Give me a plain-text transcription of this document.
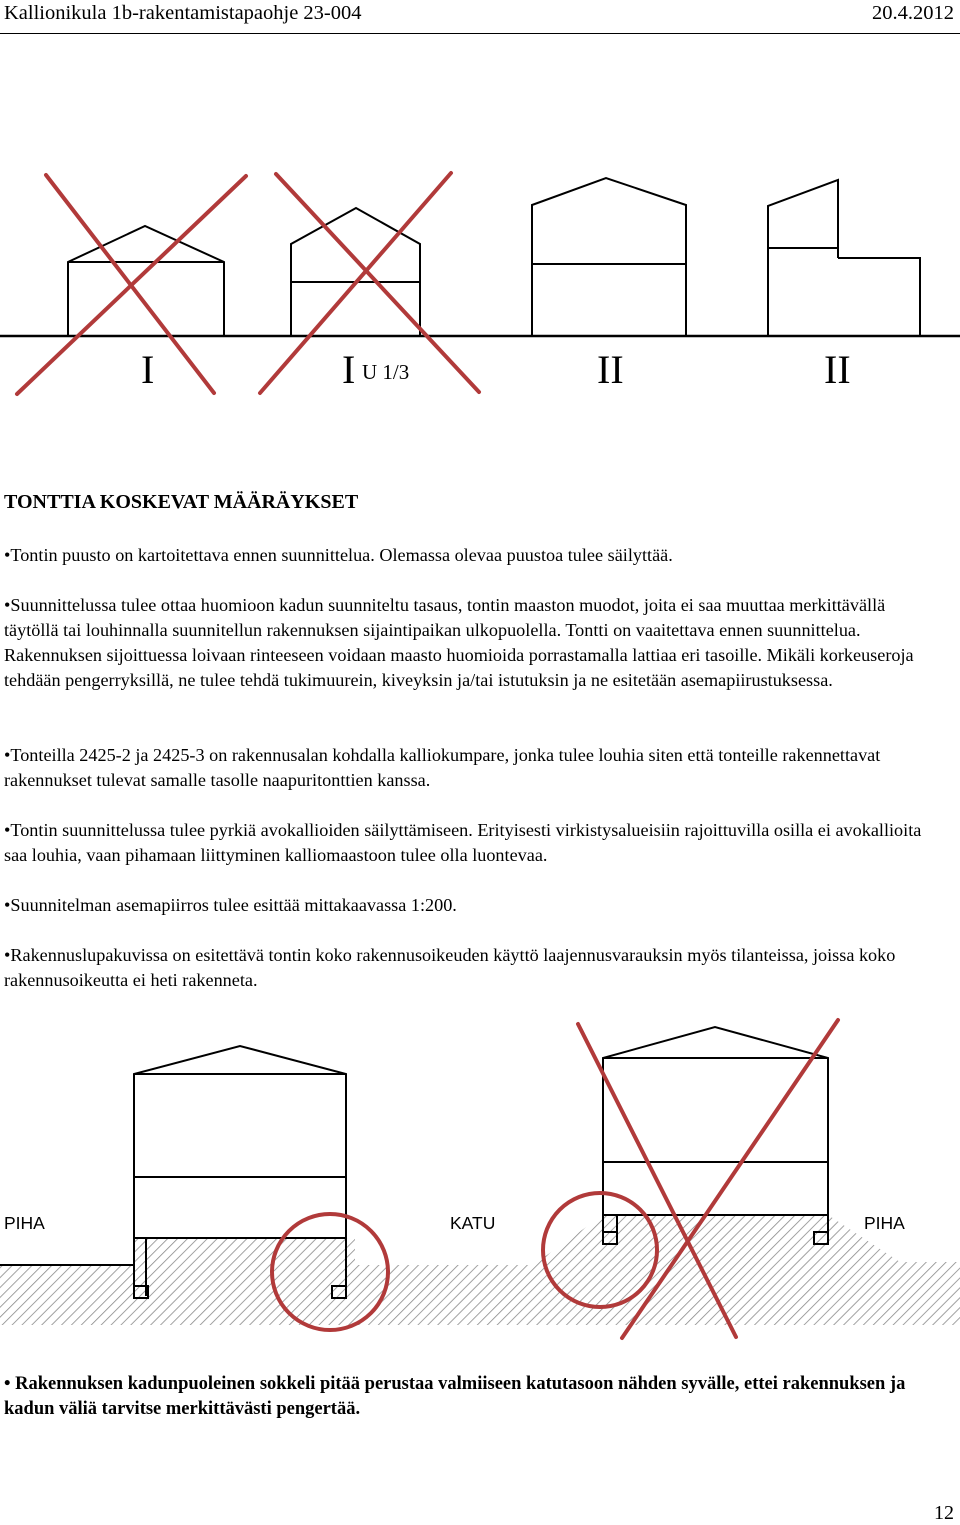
Kallionikula 1b-rakentamistapaohje 23-004	20.4.2012
I	I U 1/3	II	II
TONTTIA KOSKEVAT MÄÄRÄYKSET

•Tontin puusto on kartoitettava ennen suunnittelua. Olemassa olevaa puustoa tulee säilyttää.

•Suunnittelussa tulee ottaa huomioon kadun suunniteltu tasaus, tontin maaston muodot, joita ei saa muuttaa merkittävällä täytöllä tai louhinnalla suunnitellun rakennuksen sijaintipaikan ulkopuolella. Tontti on vaaitettava ennen suunnittelua. Rakennuksen sijoittuessa loivaan rinteeseen voidaan maasto huomioida porrastamalla lattiaa eri tasoille. Mikäli korkeuseroja tehdään pengerryksillä, ne tulee tehdä tukimuurein, kiveyksin ja/tai istutuksin ja ne esitetään asemapiirustuksessa.

•Tonteilla 2425-2 ja 2425-3 on rakennusalan kohdalla kalliokumpare, jonka tulee louhia siten että tonteille rakennettavat rakennukset tulevat samalle tasolle naapuritonttien kanssa.

•Tontin suunnittelussa tulee pyrkiä avokallioiden säilyttämiseen. Erityisesti virkistysalueisiin rajoittuvilla osilla ei avokallioita saa louhia, vaan pihamaan liittyminen kalliomaastoon tulee olla luontevaa.

•Suunnitelman asemapiirros tulee esittää mittakaavassa 1:200.

•Rakennuslupakuvissa on esitettävä tontin koko rakennusoikeuden käyttö laajennusvarauksin myös tilanteissa, joissa koko rakennusoikeutta ei heti rakenneta.

PIHA	KATU	PIHA

• Rakennuksen kadunpuoleinen sokkeli pitää perustaa valmiiseen katutasoon nähden syvälle, ettei rakennuksen ja kadun väliä tarvitse merkittävästi pengertää.

12
